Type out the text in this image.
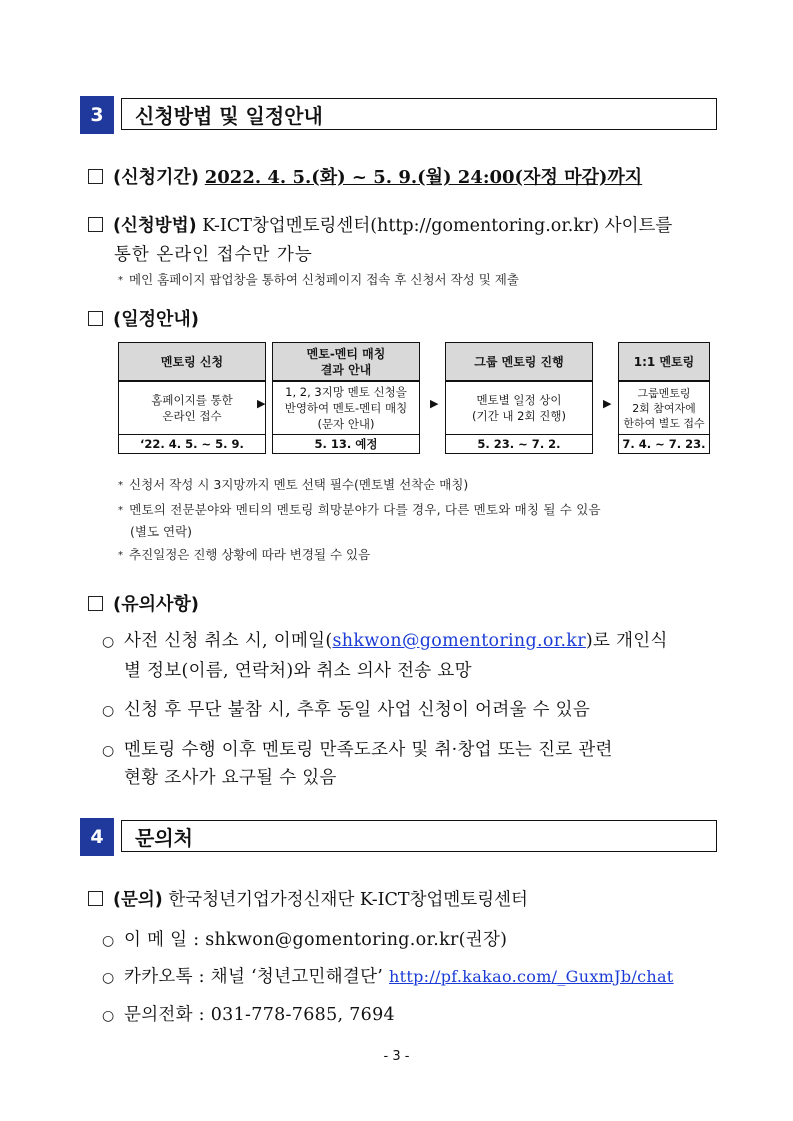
3	신청방법 및 일정안내
(신청기간) 2022. 4. 5.(화) ~ 5. 9.(월) 24:00(자정 마감)까지
(신청방법) K-ICT창업멘토링센터(http://gomentoring.or.kr) 사이트를
통한 온라인 접수만 가능
* 메인 홈페이지 팝업창을 통하여 신청페이지 접속 후 신청서 작성 및 제출
(일정안내)
멘토링 신청
홈페이지를 통한
온라인 접수
‘22. 4. 5. ~ 5. 9.
▶
멘토-멘티 매칭
결과 안내
1, 2, 3지망 멘토 신청을
반영하여 멘토-멘티 매칭
(문자 안내)
5. 13. 예정
▶
그룹 멘토링 진행
멘토별 일정 상이
(기간 내 2회 진행)
5. 23. ~ 7. 2.
▶
1:1 멘토링
그룹멘토링
2회 참여자에
한하여 별도 접수
7. 4. ~ 7. 23.
* 신청서 작성 시 3지망까지 멘토 선택 필수(멘토별 선착순 매칭)
* 멘토의 전문분야와 멘티의 멘토링 희망분야가 다를 경우, 다른 멘토와 매칭 될 수 있음
(별도 연락)
* 추진일정은 진행 상황에 따라 변경될 수 있음
(유의사항)
○ 사전 신청 취소 시, 이메일(shkwon@gomentoring.or.kr)로 개인식
별 정보(이름, 연락처)와 취소 의사 전송 요망
○ 신청 후 무단 불참 시, 추후 동일 사업 신청이 어려울 수 있음
○ 멘토링 수행 이후 멘토링 만족도조사 및 취·창업 또는 진로 관련
현황 조사가 요구될 수 있음
4	문의처
(문의) 한국청년기업가정신재단 K-ICT창업멘토링센터
○ 이 메 일 : shkwon@gomentoring.or.kr(권장)
○ 카카오톡 : 채널 ‘청년고민해결단’ http://pf.kakao.com/_GuxmJb/chat
○ 문의전화 : 031-778-7685, 7694
- 3 -
